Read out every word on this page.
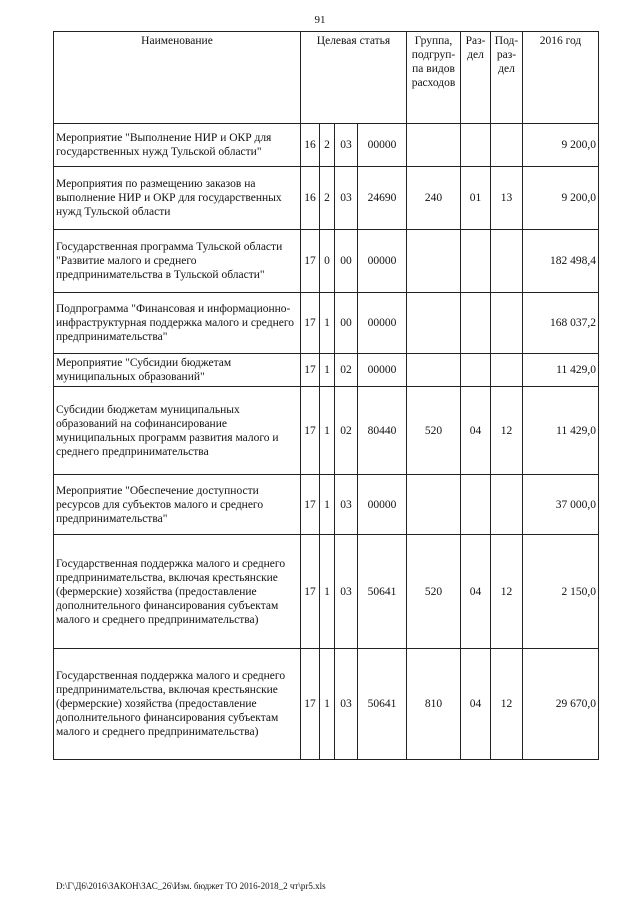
91
Наименование	Целевая статья				Группа, подгруп-па видов расходов	Раз-дел	Под-раз-дел	2016 год
Мероприятие "Выполнение НИР и ОКР для государственных нужд Тульской области"	16	2	03	00000				9 200,0
Мероприятия по размещению заказов на выполнение НИР и ОКР для государственных нужд Тульской области	16	2	03	24690	240	01	13	9 200,0
Государственная программа Тульской области "Развитие малого и среднего предпринимательства в Тульской области"	17	0	00	00000				182 498,4
Подпрограмма "Финансовая и информационно-инфраструктурная поддержка малого и среднего предпринимательства"	17	1	00	00000				168 037,2
Мероприятие "Субсидии бюджетам муниципальных образований"	17	1	02	00000				11 429,0
Субсидии бюджетам муниципальных образований на софинансирование муниципальных программ развития малого и среднего предпринимательства	17	1	02	80440	520	04	12	11 429,0
Мероприятие "Обеспечение доступности ресурсов для субъектов малого и среднего предпринимательства"	17	1	03	00000				37 000,0
Государственная поддержка малого и среднего предпринимательства, включая крестьянские (фермерские) хозяйства (предоставление дополнительного финансирования субъектам малого и среднего предпринимательства)	17	1	03	50641	520	04	12	2 150,0
Государственная поддержка малого и среднего предпринимательства, включая крестьянские (фермерские) хозяйства (предоставление дополнительного финансирования субъектам малого и среднего предпринимательства)	17	1	03	50641	810	04	12	29 670,0
D:\Г\Д6\2016\ЗАКОН\ЗАС_26\Изм. бюджет ТО 2016-2018_2 чт\pr5.xls
